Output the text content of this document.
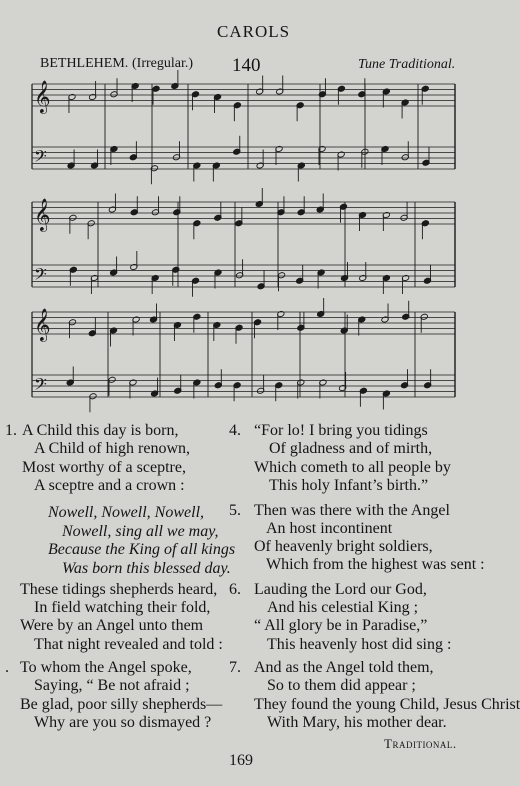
CAROLS
BETHLEHEM. (Irregular.) 140	Tune Traditional.
𝄞
𝄢
𝄞
𝄢
𝄞
𝄢
1. A Child this day is born,
A Child of high renown,
Most worthy of a sceptre,
A sceptre and a crown :
Nowell, Nowell, Nowell,
Nowell, sing all we may,
Because the King of all kings
Was born this blessed day.
These tidings shepherds heard,
In field watching their fold,
Were by an Angel unto them
That night revealed and told :
. To whom the Angel spoke,
Saying, “ Be not afraid ;
Be glad, poor silly shepherds—
Why are you so dismayed ?
4. “For lo! I bring you tidings
Of gladness and of mirth,
Which cometh to all people by
This holy Infant’s birth.”
5. Then was there with the Angel
An host incontinent
Of heavenly bright soldiers,
Which from the highest was sent :
6. Lauding the Lord our God,
And his celestial King ;
“ All glory be in Paradise,”
This heavenly host did sing :
7. And as the Angel told them,
So to them did appear ;
They found the young Child, Jesus Christ
With Mary, his mother dear.
Traditional.
169
